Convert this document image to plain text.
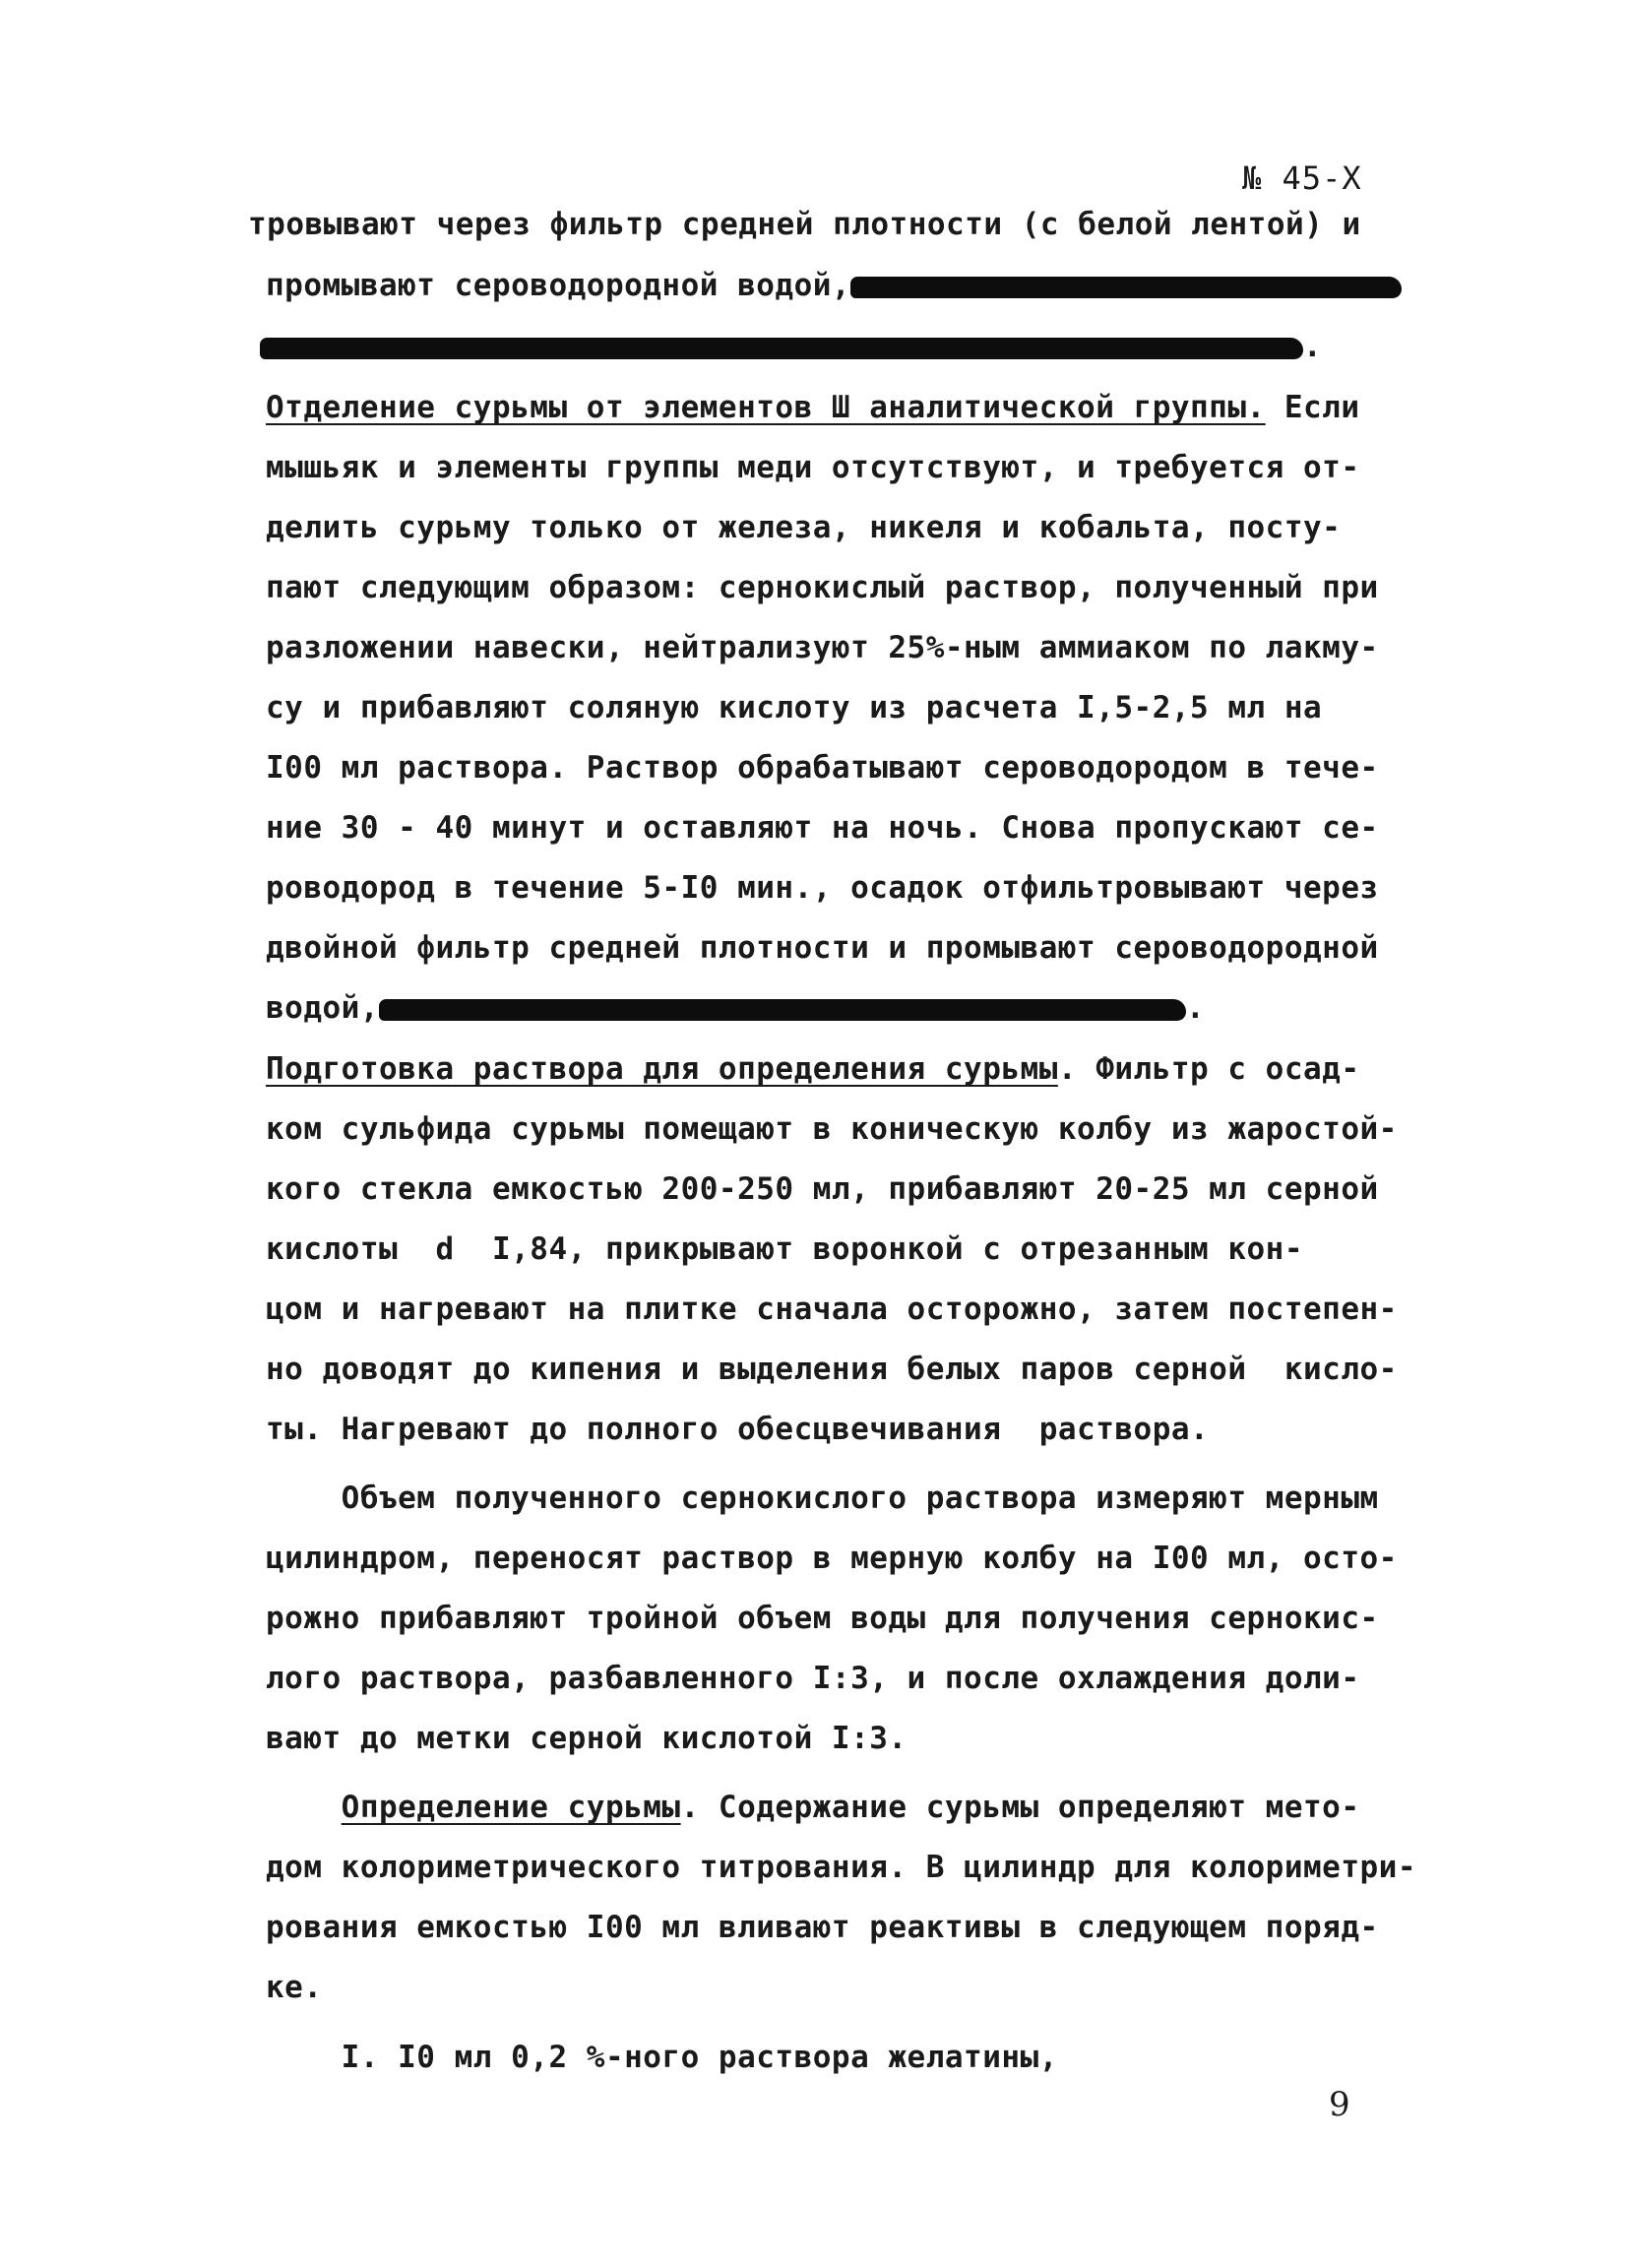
№ 45-Х
тровывают через фильтр средней плотности (с белой лентой) и
промывают сероводородной водой,
.
Отделение сурьмы от элементов Ш аналитической группы. Если
мышьяк и элементы группы меди отсутствуют, и требуется от-
делить сурьму только от железа, никеля и кобальта, посту-
пают следующим образом: сернокислый раствор, полученный при
разложении навески, нейтрализуют 25%-ным аммиаком по лакму-
су и прибавляют соляную кислоту из расчета I,5-2,5 мл на
I00 мл раствора. Раствор обрабатывают сероводородом в тече-
ние 30 - 40 минут и оставляют на ночь. Снова пропускают се-
роводород в течение 5-I0 мин., осадок отфильтровывают через
двойной фильтр средней плотности и промывают сероводородной
водой,	.
Подготовка раствора для определения сурьмы. Фильтр с осад-
ком сульфида сурьмы помещают в коническую колбу из жаростой-
кого стекла емкостью 200-250 мл, прибавляют 20-25 мл серной
кислоты  d  I,84, прикрывают воронкой с отрезанным кон-
цом и нагревают на плитке сначала осторожно, затем постепен-
но доводят до кипения и выделения белых паров серной  кисло-
ты. Нагревают до полного обесцвечивания  раствора.
Объем полученного сернокислого раствора измеряют мерным
цилиндром, переносят раствор в мерную колбу на I00 мл, осто-
рожно прибавляют тройной объем воды для получения сернокис-
лого раствора, разбавленного I:3, и после охлаждения доли-
вают до метки серной кислотой I:3.
Определение сурьмы. Содержание сурьмы определяют мето-
дом колориметрического титрования. В цилиндр для колориметри-
рования емкостью I00 мл вливают реактивы в следующем поряд-
ке.
I. I0 мл 0,2 %-ного раствора желатины,
9
